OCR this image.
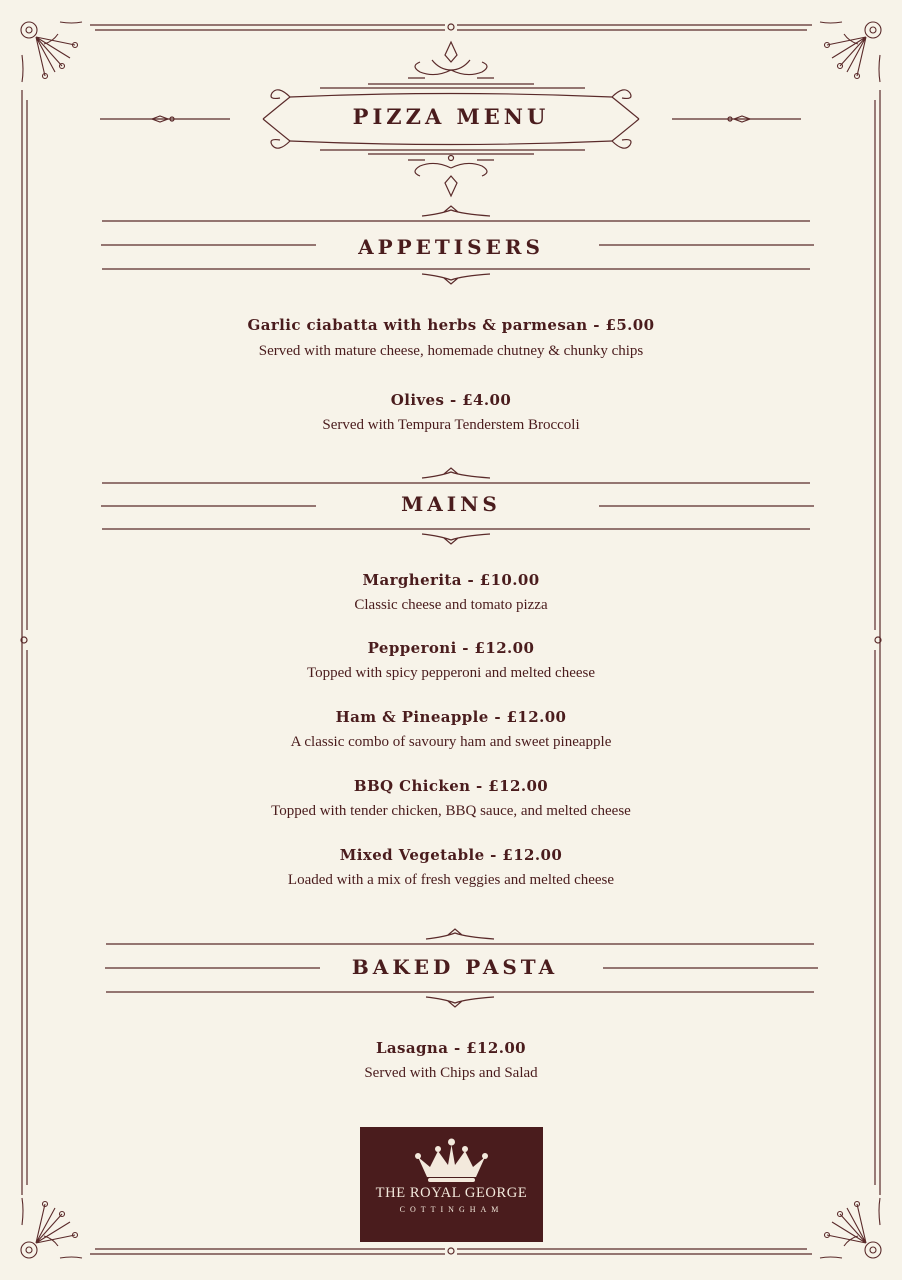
PIZZA MENU
APPETISERS
Garlic ciabatta with herbs & parmesan - £5.00
Served with mature cheese, homemade chutney & chunky chips
Olives - £4.00
Served with Tempura Tenderstem Broccoli
MAINS
Margherita - £10.00
Classic cheese and tomato pizza
Pepperoni - £12.00
Topped with spicy pepperoni and melted cheese
Ham & Pineapple - £12.00
A classic combo of savoury ham and sweet pineapple
BBQ Chicken - £12.00
Topped with tender chicken, BBQ sauce, and melted cheese
Mixed Vegetable - £12.00
Loaded with a mix of fresh veggies and melted cheese
BAKED PASTA
Lasagna - £12.00
Served with Chips and Salad
THE ROYAL GEORGE
COTTINGHAM
